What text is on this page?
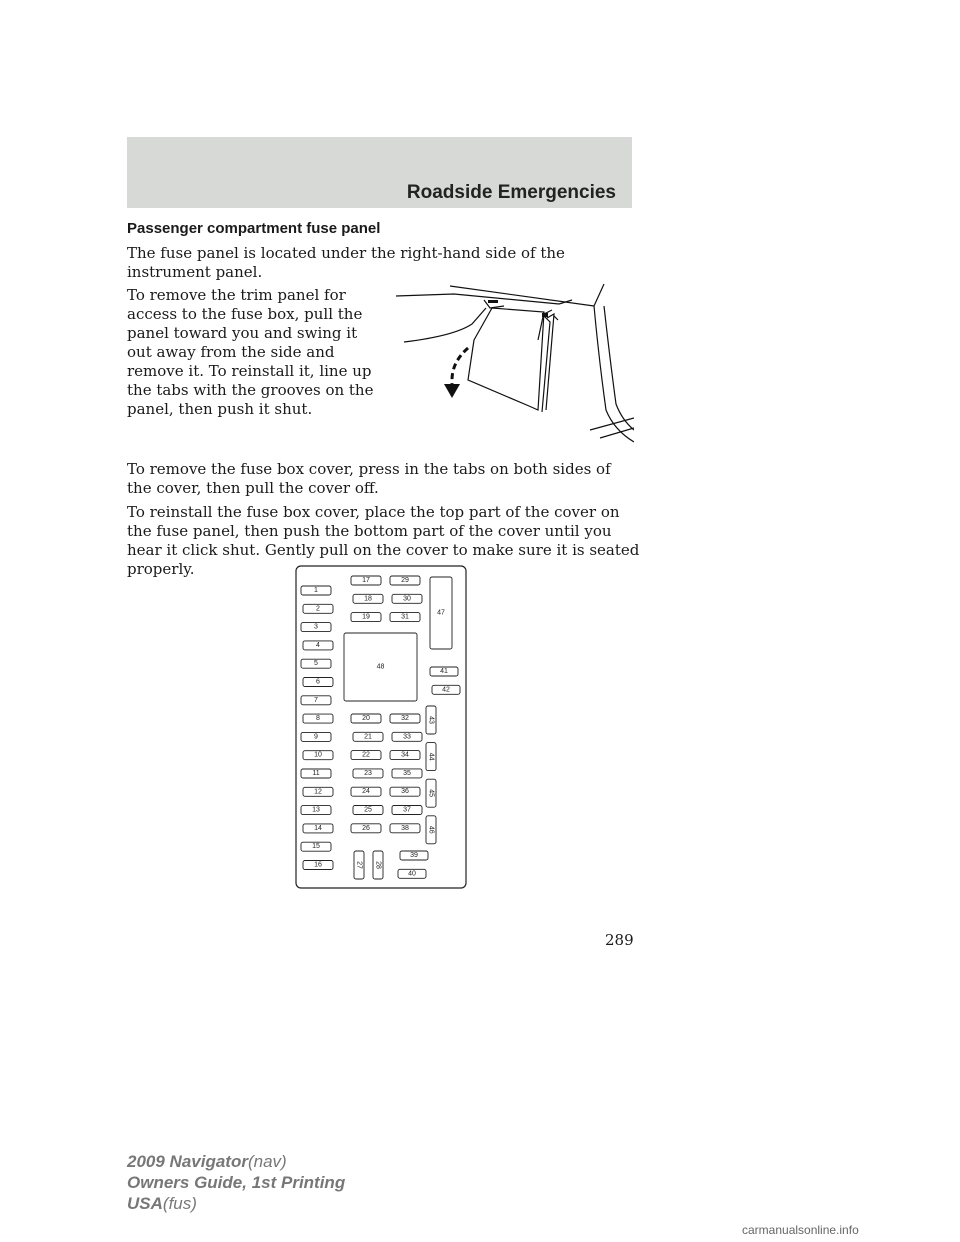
Roadside Emergencies
Passenger compartment fuse panel

The fuse panel is located under the right-hand side of the instrument panel.

To remove the trim panel for access to the fuse box, pull the panel toward you and swing it out away from the side and remove it. To reinstall it, line up the tabs with the grooves on the panel, then push it shut.

To remove the fuse box cover, press in the tabs on both sides of the cover, then pull the cover off.

To reinstall the fuse box cover, place the top part of the cover on the fuse panel, then push the bottom part of the cover until you hear it click shut. Gently pull on the cover to make sure it is seated properly.

1
2
3
4
5
6
7
8
9
10
11
12
13
14
15
16
17
18
19
29
30
31
47
48
41
42
20
21
22
23
24
25
26
32
33
34
35
36
37
38
43
44
45
46
27 28
39
40
289
2009 Navigator(nav)
Owners Guide, 1st Printing
USA(fus)
carmanualsonline.info
